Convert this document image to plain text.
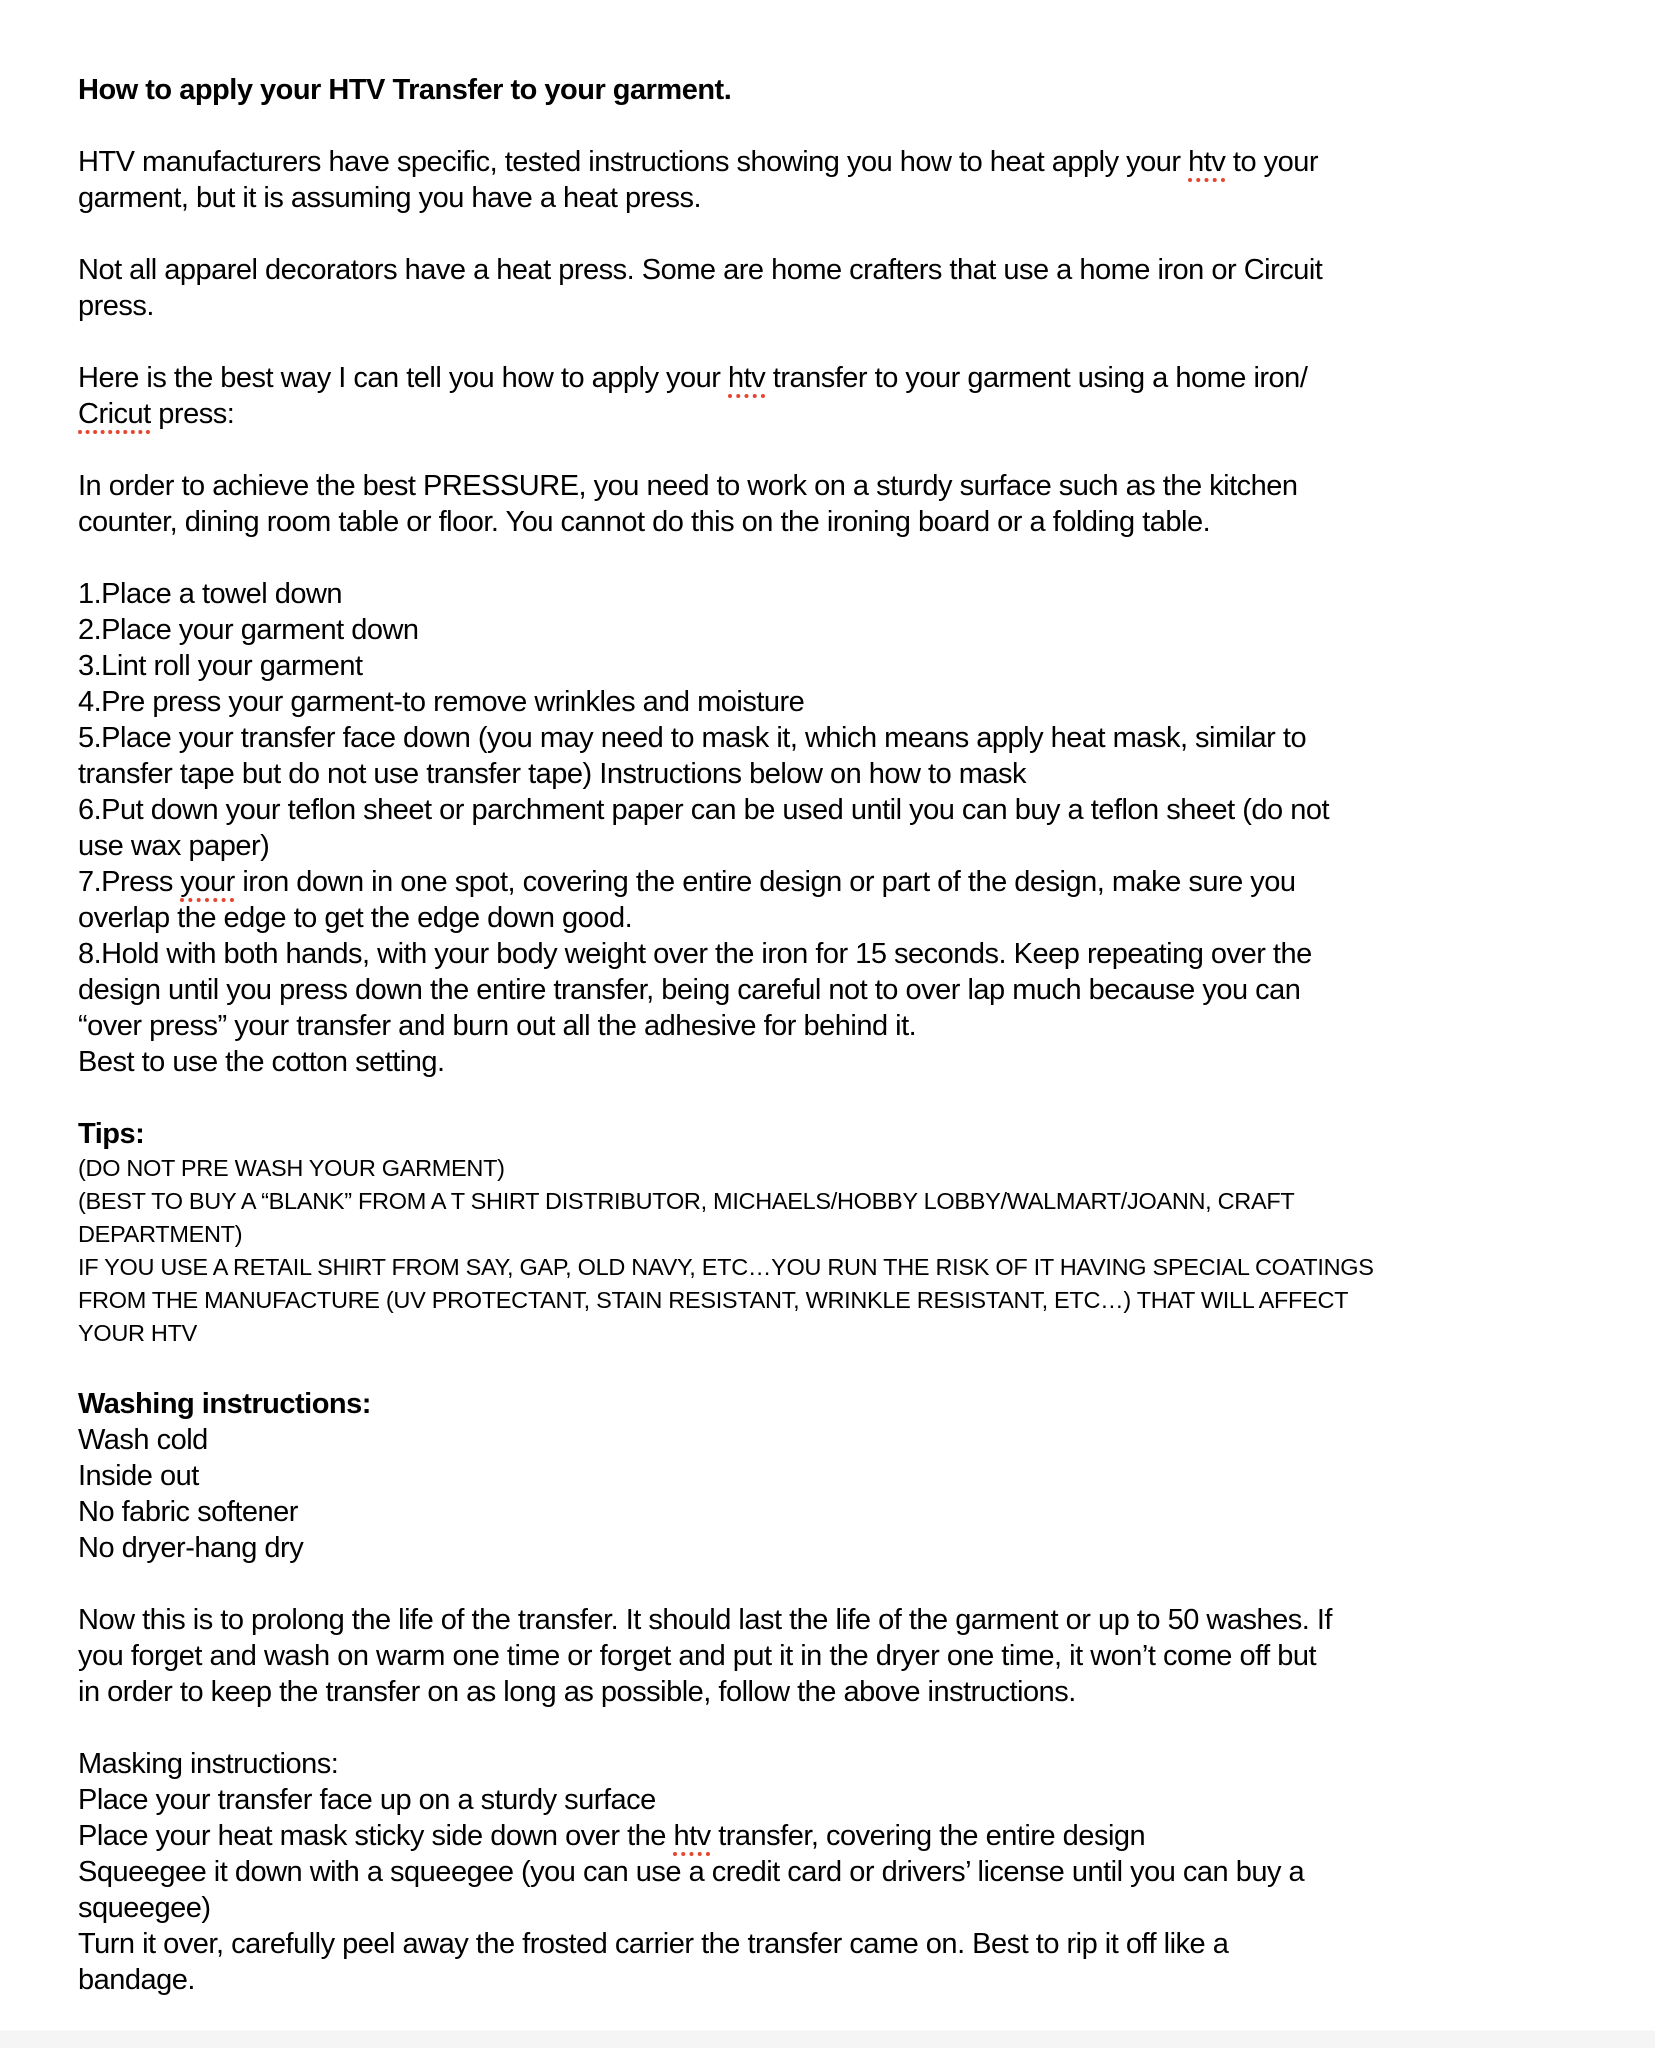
How to apply your HTV Transfer to your garment.
HTV manufacturers have specific, tested instructions showing you how to heat apply your htv to your
garment, but it is assuming you have a heat press.
Not all apparel decorators have a heat press. Some are home crafters that use a home iron or Circuit
press.
Here is the best way I can tell you how to apply your htv transfer to your garment using a home iron/
Cricut press:
In order to achieve the best PRESSURE, you need to work on a sturdy surface such as the kitchen
counter, dining room table or floor. You cannot do this on the ironing board or a folding table.
1.Place a towel down
2.Place your garment down
3.Lint roll your garment
4.Pre press your garment-to remove wrinkles and moisture
5.Place your transfer face down (you may need to mask it, which means apply heat mask, similar to
transfer tape but do not use transfer tape) Instructions below on how to mask
6.Put down your teflon sheet or parchment paper can be used until you can buy a teflon sheet (do not
use wax paper)
7.Press your iron down in one spot, covering the entire design or part of the design, make sure you
overlap the edge to get the edge down good.
8.Hold with both hands, with your body weight over the iron for 15 seconds. Keep repeating over the
design until you press down the entire transfer, being careful not to over lap much because you can
“over press” your transfer and burn out all the adhesive for behind it.
Best to use the cotton setting.
Tips:
(DO NOT PRE WASH YOUR GARMENT)
(BEST TO BUY A “BLANK” FROM A T SHIRT DISTRIBUTOR, MICHAELS/HOBBY LOBBY/WALMART/JOANN, CRAFT
DEPARTMENT)
IF YOU USE A RETAIL SHIRT FROM SAY, GAP, OLD NAVY, ETC…YOU RUN THE RISK OF IT HAVING SPECIAL COATINGS
FROM THE MANUFACTURE (UV PROTECTANT, STAIN RESISTANT, WRINKLE RESISTANT, ETC…) THAT WILL AFFECT
YOUR HTV
Washing instructions:
Wash cold
Inside out
No fabric softener
No dryer-hang dry
Now this is to prolong the life of the transfer. It should last the life of the garment or up to 50 washes. If
you forget and wash on warm one time or forget and put it in the dryer one time, it won’t come off but
in order to keep the transfer on as long as possible, follow the above instructions.
Masking instructions:
Place your transfer face up on a sturdy surface
Place your heat mask sticky side down over the htv transfer, covering the entire design
Squeegee it down with a squeegee (you can use a credit card or drivers’ license until you can buy a
squeegee)
Turn it over, carefully peel away the frosted carrier the transfer came on. Best to rip it off like a
bandage.
